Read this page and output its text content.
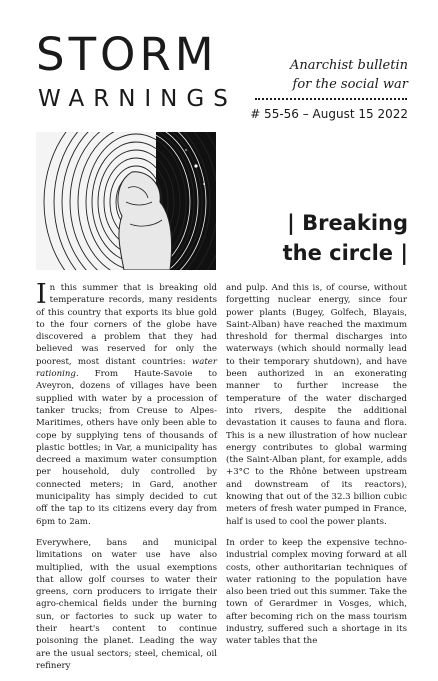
STORM
WARNINGS
Anarchist bulletin
for the social war
# 55-56 – August 15 2022
| Breaking
the circle |

In this summer that is breaking old temperature records, many residents of this country that exports its blue gold to the four corners of the globe have discovered a problem that they had believed was reserved for only the poorest, most distant countries: water rationing. From Haute-Savoie to Aveyron, dozens of villages have been supplied with water by a procession of tanker trucks; from Creuse to Alpes-Maritimes, others have only been able to cope by supplying tens of thousands of plastic bottles; in Var, a municipality has decreed a maximum water consumption per household, duly controlled by connected meters; in Gard, another municipality has simply decided to cut off the tap to its citizens every day from 6pm to 2am.

Everywhere, bans and municipal limitations on water use have also multiplied, with the usual exemptions that allow golf courses to water their greens, corn producers to irrigate their agro-chemical fields under the burning sun, or factories to suck up water to their heart's content to continue poisoning the planet. Leading the way are the usual sectors; steel, chemical, oil refinery

and pulp. And this is, of course, without forgetting nuclear energy, since four power plants (Bugey, Golfech, Blayais, Saint-Alban) have reached the maximum threshold for thermal discharges into waterways (which should normally lead to their temporary shutdown), and have been authorized in an exonerating manner to further increase the temperature of the water discharged into rivers, despite the additional devastation it causes to fauna and flora. This is a new illustration of how nuclear energy contributes to global warming (the Saint-Alban plant, for example, adds +3°C to the Rhône between upstream and downstream of its reactors), knowing that out of the 32.3 billion cubic meters of fresh water pumped in France, half is used to cool the power plants.

In order to keep the expensive techno-industrial complex moving forward at all costs, other authoritarian techniques of water rationing to the population have also been tried out this summer. Take the town of Gerardmer in Vosges, which, after becoming rich on the mass tourism industry, suffered such a shortage in its water tables that the
